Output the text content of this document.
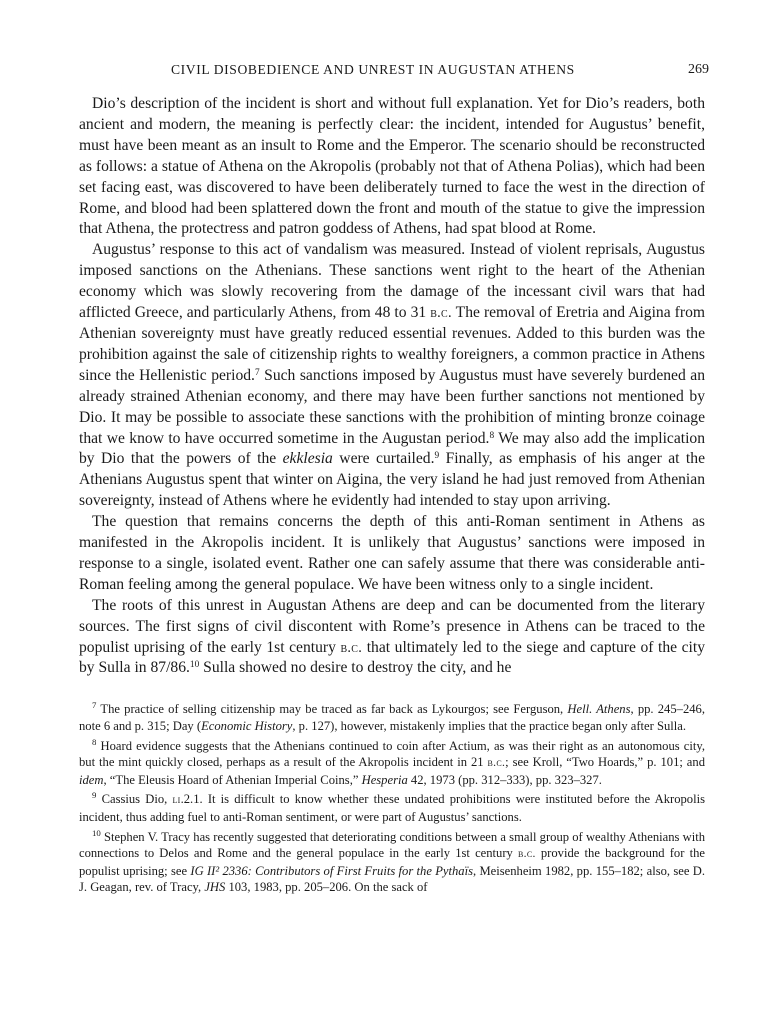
CIVIL DISOBEDIENCE AND UNREST IN AUGUSTAN ATHENS	269

Dio’s description of the incident is short and without full explanation. Yet for Dio’s readers, both ancient and modern, the meaning is perfectly clear: the incident, intended for Augustus’ benefit, must have been meant as an insult to Rome and the Emperor. The scenario should be reconstructed as follows: a statue of Athena on the Akropolis (probably not that of Athena Polias), which had been set facing east, was discovered to have been deliberately turned to face the west in the direction of Rome, and blood had been splattered down the front and mouth of the statue to give the impression that Athena, the protectress and patron goddess of Athens, had spat blood at Rome.

Augustus’ response to this act of vandalism was measured. Instead of violent reprisals, Augustus imposed sanctions on the Athenians. These sanctions went right to the heart of the Athenian economy which was slowly recovering from the damage of the incessant civil wars that had afflicted Greece, and particularly Athens, from 48 to 31 b.c. The removal of Eretria and Aigina from Athenian sovereignty must have greatly reduced essential revenues. Added to this burden was the prohibition against the sale of citizenship rights to wealthy foreigners, a common practice in Athens since the Hellenistic period.$^7$ Such sanctions imposed by Augustus must have severely burdened an already strained Athenian economy, and there may have been further sanctions not mentioned by Dio. It may be possible to associate these sanctions with the prohibition of minting bronze coinage that we know to have occurred sometime in the Augustan period.$^8$ We may also add the implication by Dio that the powers of the ekklesia were curtailed.$^9$ Finally, as emphasis of his anger at the Athenians Augustus spent that winter on Aigina, the very island he had just removed from Athenian sovereignty, instead of Athens where he evidently had intended to stay upon arriving.

The question that remains concerns the depth of this anti-Roman sentiment in Athens as manifested in the Akropolis incident. It is unlikely that Augustus’ sanctions were imposed in response to a single, isolated event. Rather one can safely assume that there was considerable anti-Roman feeling among the general populace. We have been witness only to a single incident.

The roots of this unrest in Augustan Athens are deep and can be documented from the literary sources. The first signs of civil discontent with Rome’s presence in Athens can be traced to the populist uprising of the early 1st century b.c. that ultimately led to the siege and capture of the city by Sulla in 87/86.10 Sulla showed no desire to destroy the city, and he

$^7$ The practice of selling citizenship may be traced as far back as Lykourgos; see Ferguson, Hell. Athens, pp. 245–246, note 6 and p. 315; Day (Economic History, p. 127), however, mistakenly implies that the practice began only after Sulla.

$^8$ Hoard evidence suggests that the Athenians continued to coin after Actium, as was their right as an autonomous city, but the mint quickly closed, perhaps as a result of the Akropolis incident in 21 b.c.; see Kroll, “Two Hoards,” p. 101; and idem, “The Eleusis Hoard of Athenian Imperial Coins,” Hesperia 42, 1973 (pp. 312–333), pp. 323–327.

$^9$ Cassius Dio, li.2.1. It is difficult to know whether these undated prohibitions were instituted before the Akropolis incident, thus adding fuel to anti-Roman sentiment, or were part of Augustus’ sanctions.

$^{10}$ Stephen V. Tracy has recently suggested that deteriorating conditions between a small group of wealthy Athenians with connections to Delos and Rome and the general populace in the early 1st century b.c. provide the background for the populist uprising; see IG II² 2336: Contributors of First Fruits for the Pythaïs, Meisenheim 1982, pp. 155–182; also, see D. J. Geagan, rev. of Tracy, JHS 103, 1983, pp. 205–206. On the sack of
